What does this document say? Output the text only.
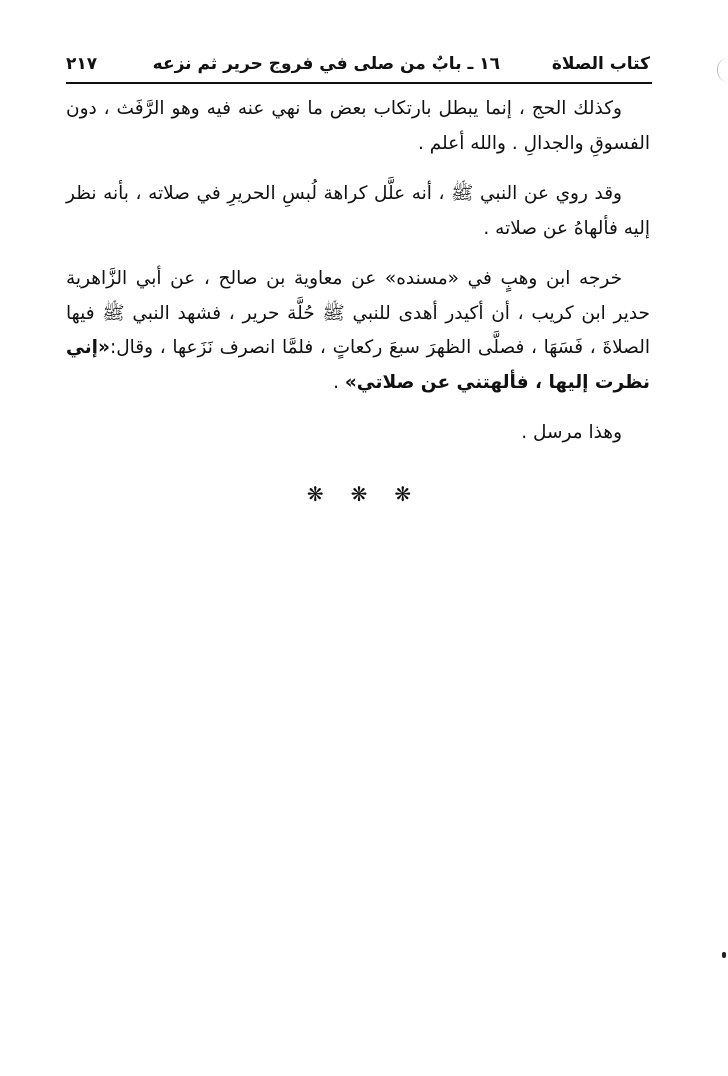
كتاب الصلاة
١٦ ـ بابٌ من صلى في فروج حرير ثم نزعه
٢١٧

وكذلك الحج ، إنما يبطل بارتكاب بعض ما نهي عنه فيه وهو الرَّفَث ، دون الفسوقِ والجدالِ . والله أعلم .

وقد روي عن النبي ﷺ ، أنه علَّل كراهة لُبسِ الحريرِ في صلاته ، بأنه نظر إليه فألهاهُ عن صلاته .

خرجه ابن وهبٍ في «مسنده» عن معاوية بن صالح ، عن أبي الزَّاهرية حدير ابن كريب ، أن أكيدر أهدى للنبي ﷺ حُلَّة حرير ، فشهد النبي ﷺ فيها الصلاةَ ، فَسَهَا ، فصلَّى الظهرَ سبعَ ركعاتٍ ، فلمَّا انصرف نَزَعها ، وقال:«إني نظرت إليها ، فألهتني عن صلاتي» .

وهذا مرسل .

❋ ❋ ❋
